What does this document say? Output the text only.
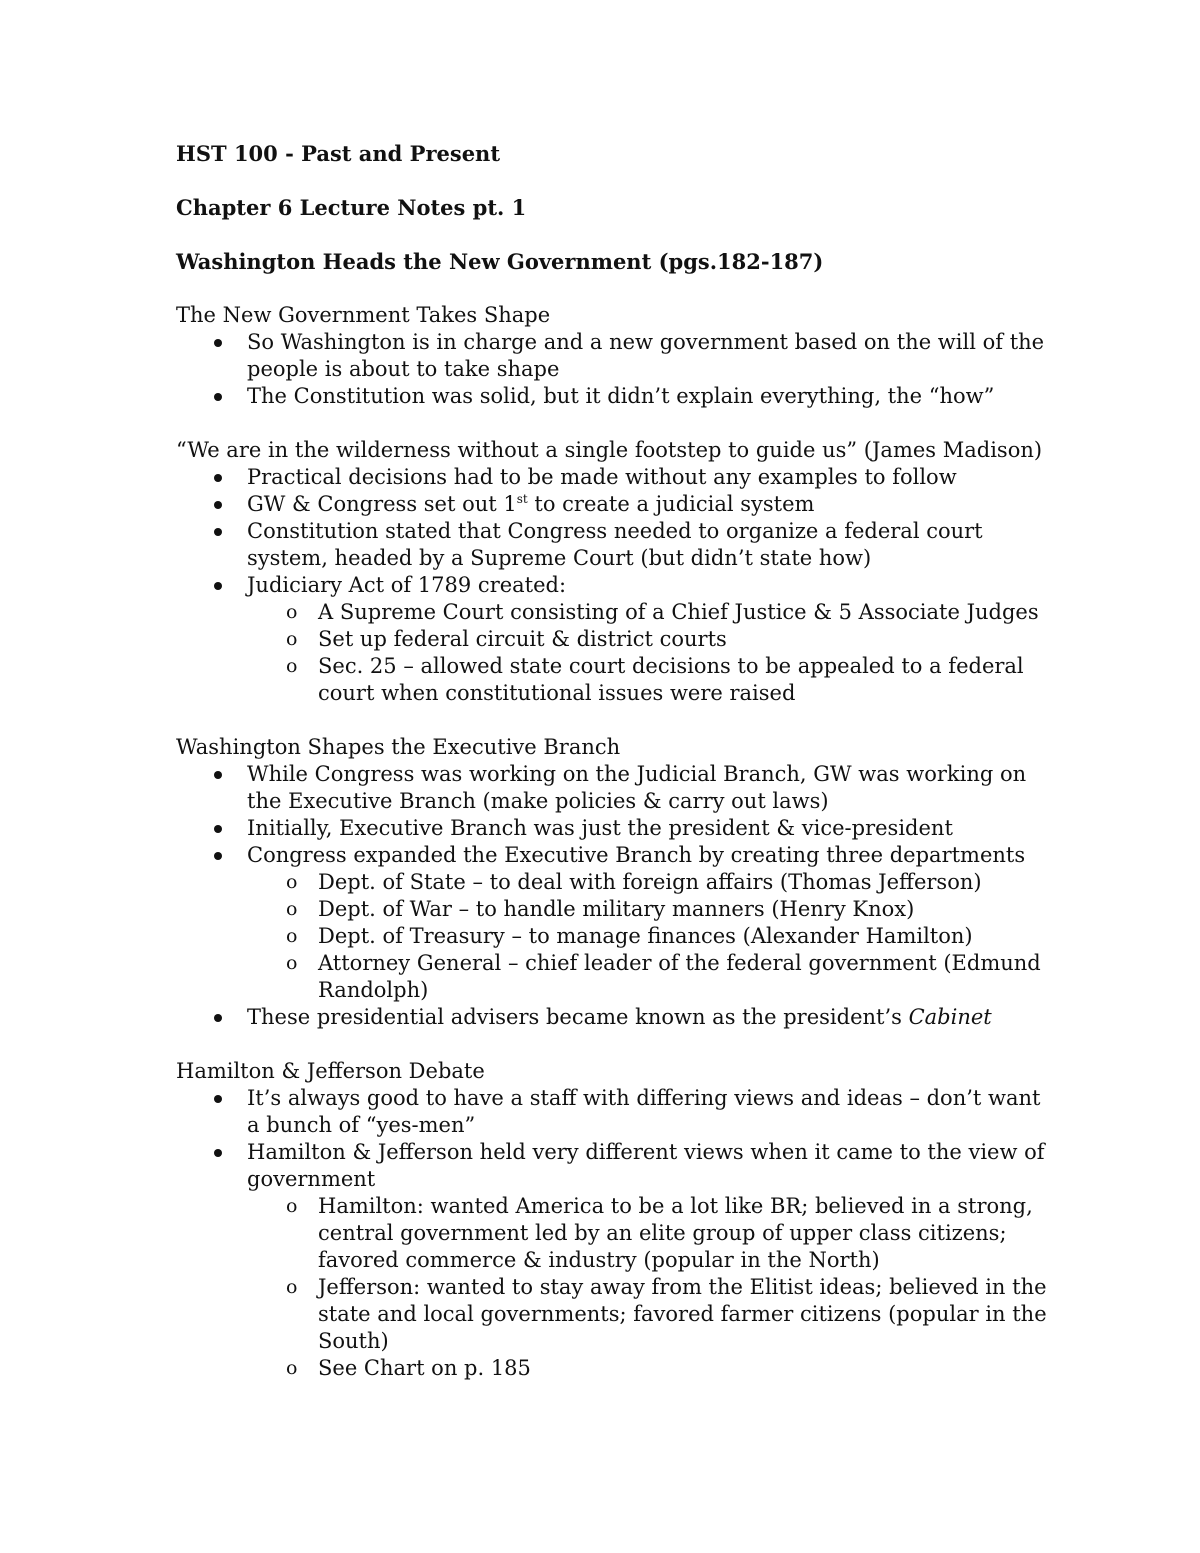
HST 100 - Past and Present

Chapter 6 Lecture Notes pt. 1

Washington Heads the New Government (pgs.182-187)

The New Government Takes Shape

So Washington is in charge and a new government based on the will of the people is about to take shape
The Constitution was solid, but it didn’t explain everything, the “how”

“We are in the wilderness without a single footstep to guide us” (James Madison)

Practical decisions had to be made without any examples to follow
GW & Congress set out 1st to create a judicial system
Constitution stated that Congress needed to organize a federal court system, headed by a Supreme Court (but didn’t state how)
Judiciary Act of 1789 created:
o A Supreme Court consisting of a Chief Justice & 5 Associate Judges
o Set up federal circuit & district courts
o Sec. 25 – allowed state court decisions to be appealed to a federal court when constitutional issues were raised

Washington Shapes the Executive Branch

While Congress was working on the Judicial Branch, GW was working on the Executive Branch (make policies & carry out laws)
Initially, Executive Branch was just the president & vice-president
Congress expanded the Executive Branch by creating three departments
o Dept. of State – to deal with foreign affairs (Thomas Jefferson)
o Dept. of War – to handle military manners (Henry Knox)
o Dept. of Treasury – to manage finances (Alexander Hamilton)
o Attorney General – chief leader of the federal government (Edmund Randolph)
These presidential advisers became known as the president’s Cabinet

Hamilton & Jefferson Debate

It’s always good to have a staff with differing views and ideas – don’t want a bunch of “yes-men”
Hamilton & Jefferson held very different views when it came to the view of government
o Hamilton: wanted America to be a lot like BR; believed in a strong, central government led by an elite group of upper class citizens; favored commerce & industry (popular in the North)
o Jefferson: wanted to stay away from the Elitist ideas; believed in the state and local governments; favored farmer citizens (popular in the South)
o See Chart on p. 185
